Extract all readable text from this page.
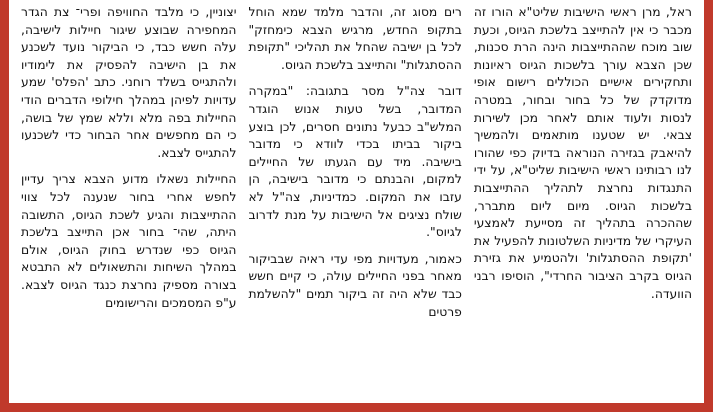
ראל, מרן ראשי הישיבות שליט"א הורו זה מכבר כי אין להתייצב בלשכת הגיוס, וכעת שוב מוכח שההתייצבות הינה הרת סכנות, שכן הצבא עורך בלשכות הגיוס ראיונות ותחקירים אישיים הכוללים רישום אופי מדוקדק של כל בחור ובחור, במטרה לנסות ולעוד אותם לאחר מכן לשירות צבאי. יש שטענו מותאמים ולהמשיך להיאבק בגזירה הנוראה בדיוק כפי שהורו לנו רבותינו ראשי הישיבות שליט"א, על ידי התנגדות נחרצת לתהליך ההתייצבות בלשכות הגיוס. מיום ליום מתברר, שההכרה בתהליך זה מסייעת לאמצעי העיקרי של מדיניות השלטונות להפעיל את 'תקופת ההסתגלות' ולהטמיע את גזירת הגיוס בקרב הציבור החרדי", הוסיפו רבני הוועדה.

רים מסוג זה, והדבר מלמד שמא הוחל בתקופ החדש, מרגיש הצבא כימחזק" לכל בן ישיבה שהחל את תהליכי "תקופת ההסתגלות" והתייצב בלשכת הגיוס.

דובר צה"ל מסר בתגובה: "במקרה המדובר, בשל טעות אנוש הוגדר המלש"ב כבעל נתונים חסרים, לכן בוצע ביקור בביתו בכדי לוודא כי מדובר בישיבה. מיד עם הגעתו של החיילים למקום, והבנתם כי מדובר בישיבה, הן עזבו את המקום. כמדיניות, צה"ל לא שולח נציגים אל הישיבות על מנת לדרוב לגיוס".

כאמור, מעדויות מפי עדי ראיה שבביקור מאחר בפני החיילים עולה, כי קיים חשש כבד שלא היה זה ביקור תמים "להשלמת פרטים

יצוניין, כי מלבד החוויפה ופרי־ צת הגדר המחפירה שבוצע שיגור חיילות לישיבה, עלה חשש כבד, כי הביקור נועד לשכנע את בן הישיבה להפסיק את לימודיו ולהתגייס בשלד רוחני. כתב 'הפלס' שמע עדויות לפיהן במהלך חילופי הדברים הודי החיילות בפה מלא וללא שמץ של בושה, כי הם מחפשים אחר הבחור כדי לשכנעו להתגייס לצבא.

החיילות נשאלו מדוע הצבא צריך עדיין לחפש אחרי בחור שנענה לכל צווי ההתייצבות והגיע לשכת הגיוס, התשובה היתה, שהי־ בחור אכן התייצב בלשכת הגיוס כפי שנדרש בחוק הגיוס, אולם במהלך השיחות והתשאולים לא התבטא בצורה מספיק נחרצת כנגד הגיוס לצבא. ע"פ המסמכים והרישומים
